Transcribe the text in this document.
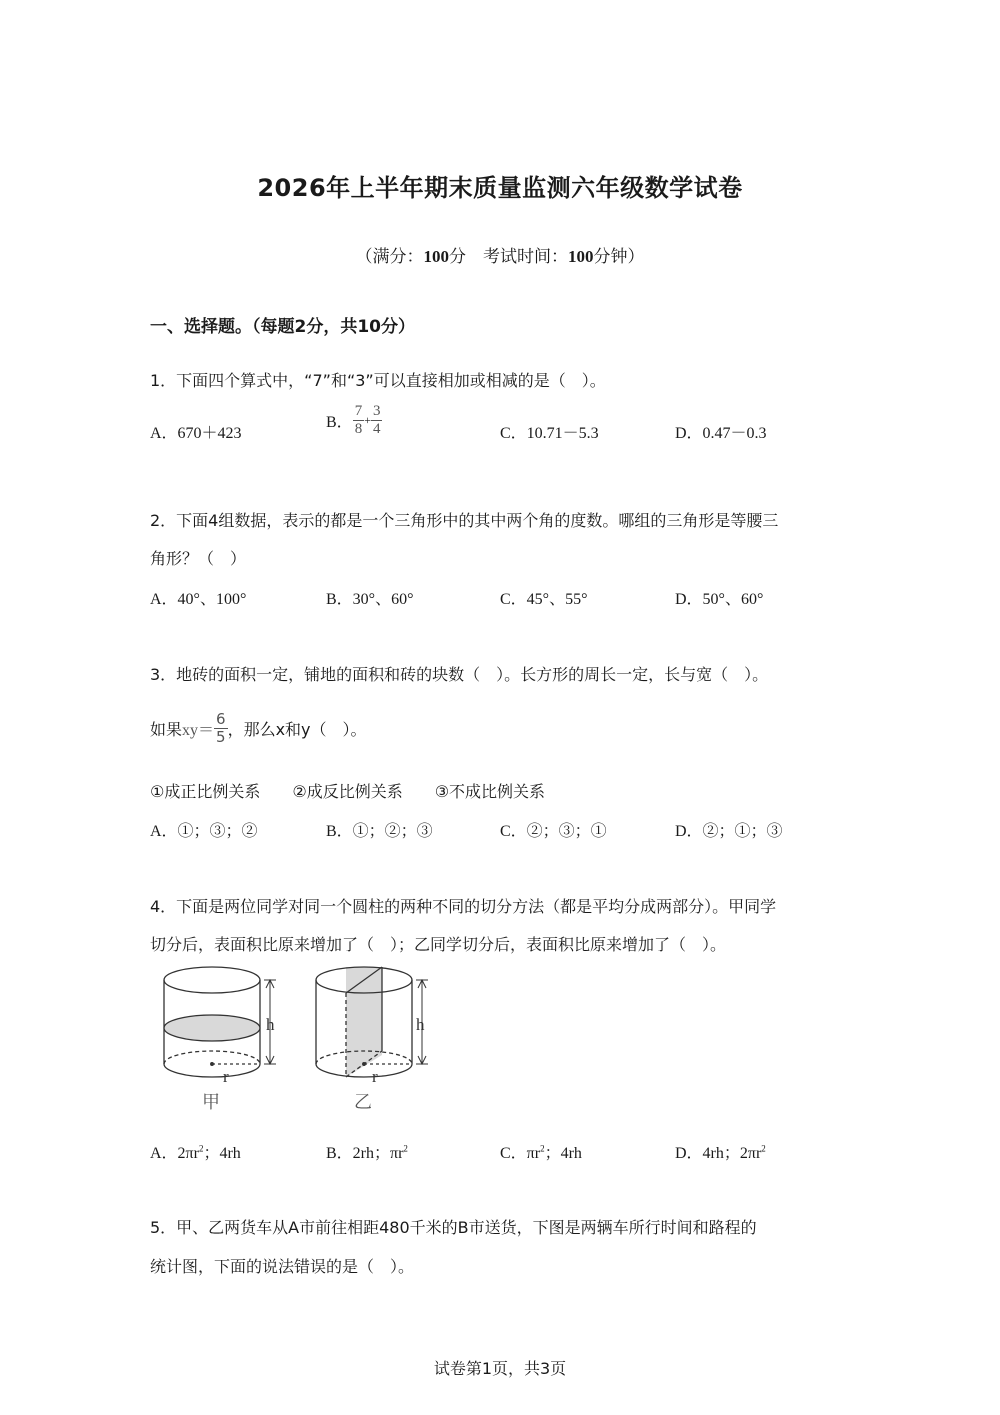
2026年上半年期末质量监测六年级数学试卷
（满分：100分　考试时间：100分钟）
一、选择题。（每题2分，共10分）
1．下面四个算式中，“7”和“3”可以直接相加或相减的是（　）。
A．670＋423
B． $\frac{7}{8} + \frac{3}{4}$	C．10.71－5.3	D．0.47－0.3
2．下面4组数据，表示的都是一个三角形中的其中两个角的度数。哪组的三角形是等腰三
角形？（　）
A．40°、100°	B．30°、60°	C．45°、55°	D．50°、60°
3．地砖的面积一定，铺地的面积和砖的块数（　）。长方形的周长一定，长与宽（　）。
如果$xy= \frac{6}{5}$ ，那么x和y（　）。
①成正比例关系　　②成反比例关系　　③不成比例关系
A．①；③；②	B．①；②；③	C．②；③；①	D．②；①；③
4．下面是两位同学对同一个圆柱的两种不同的切分方法（都是平均分成两部分）。甲同学
切分后，表面积比原来增加了（　）；乙同学切分后，表面积比原来增加了（　）。
h
r
甲
h
r
乙
A．$2\pi r^2$；4rh	B．2rh；$\pi r^2$	C．$\pi r^2$；4rh	D．4rh；$2\pi r^2$
5．甲、乙两货车从A市前往相距480千米的B市送货，下图是两辆车所行时间和路程的
统计图，下面的说法错误的是（　）。
试卷第1页，共3页
